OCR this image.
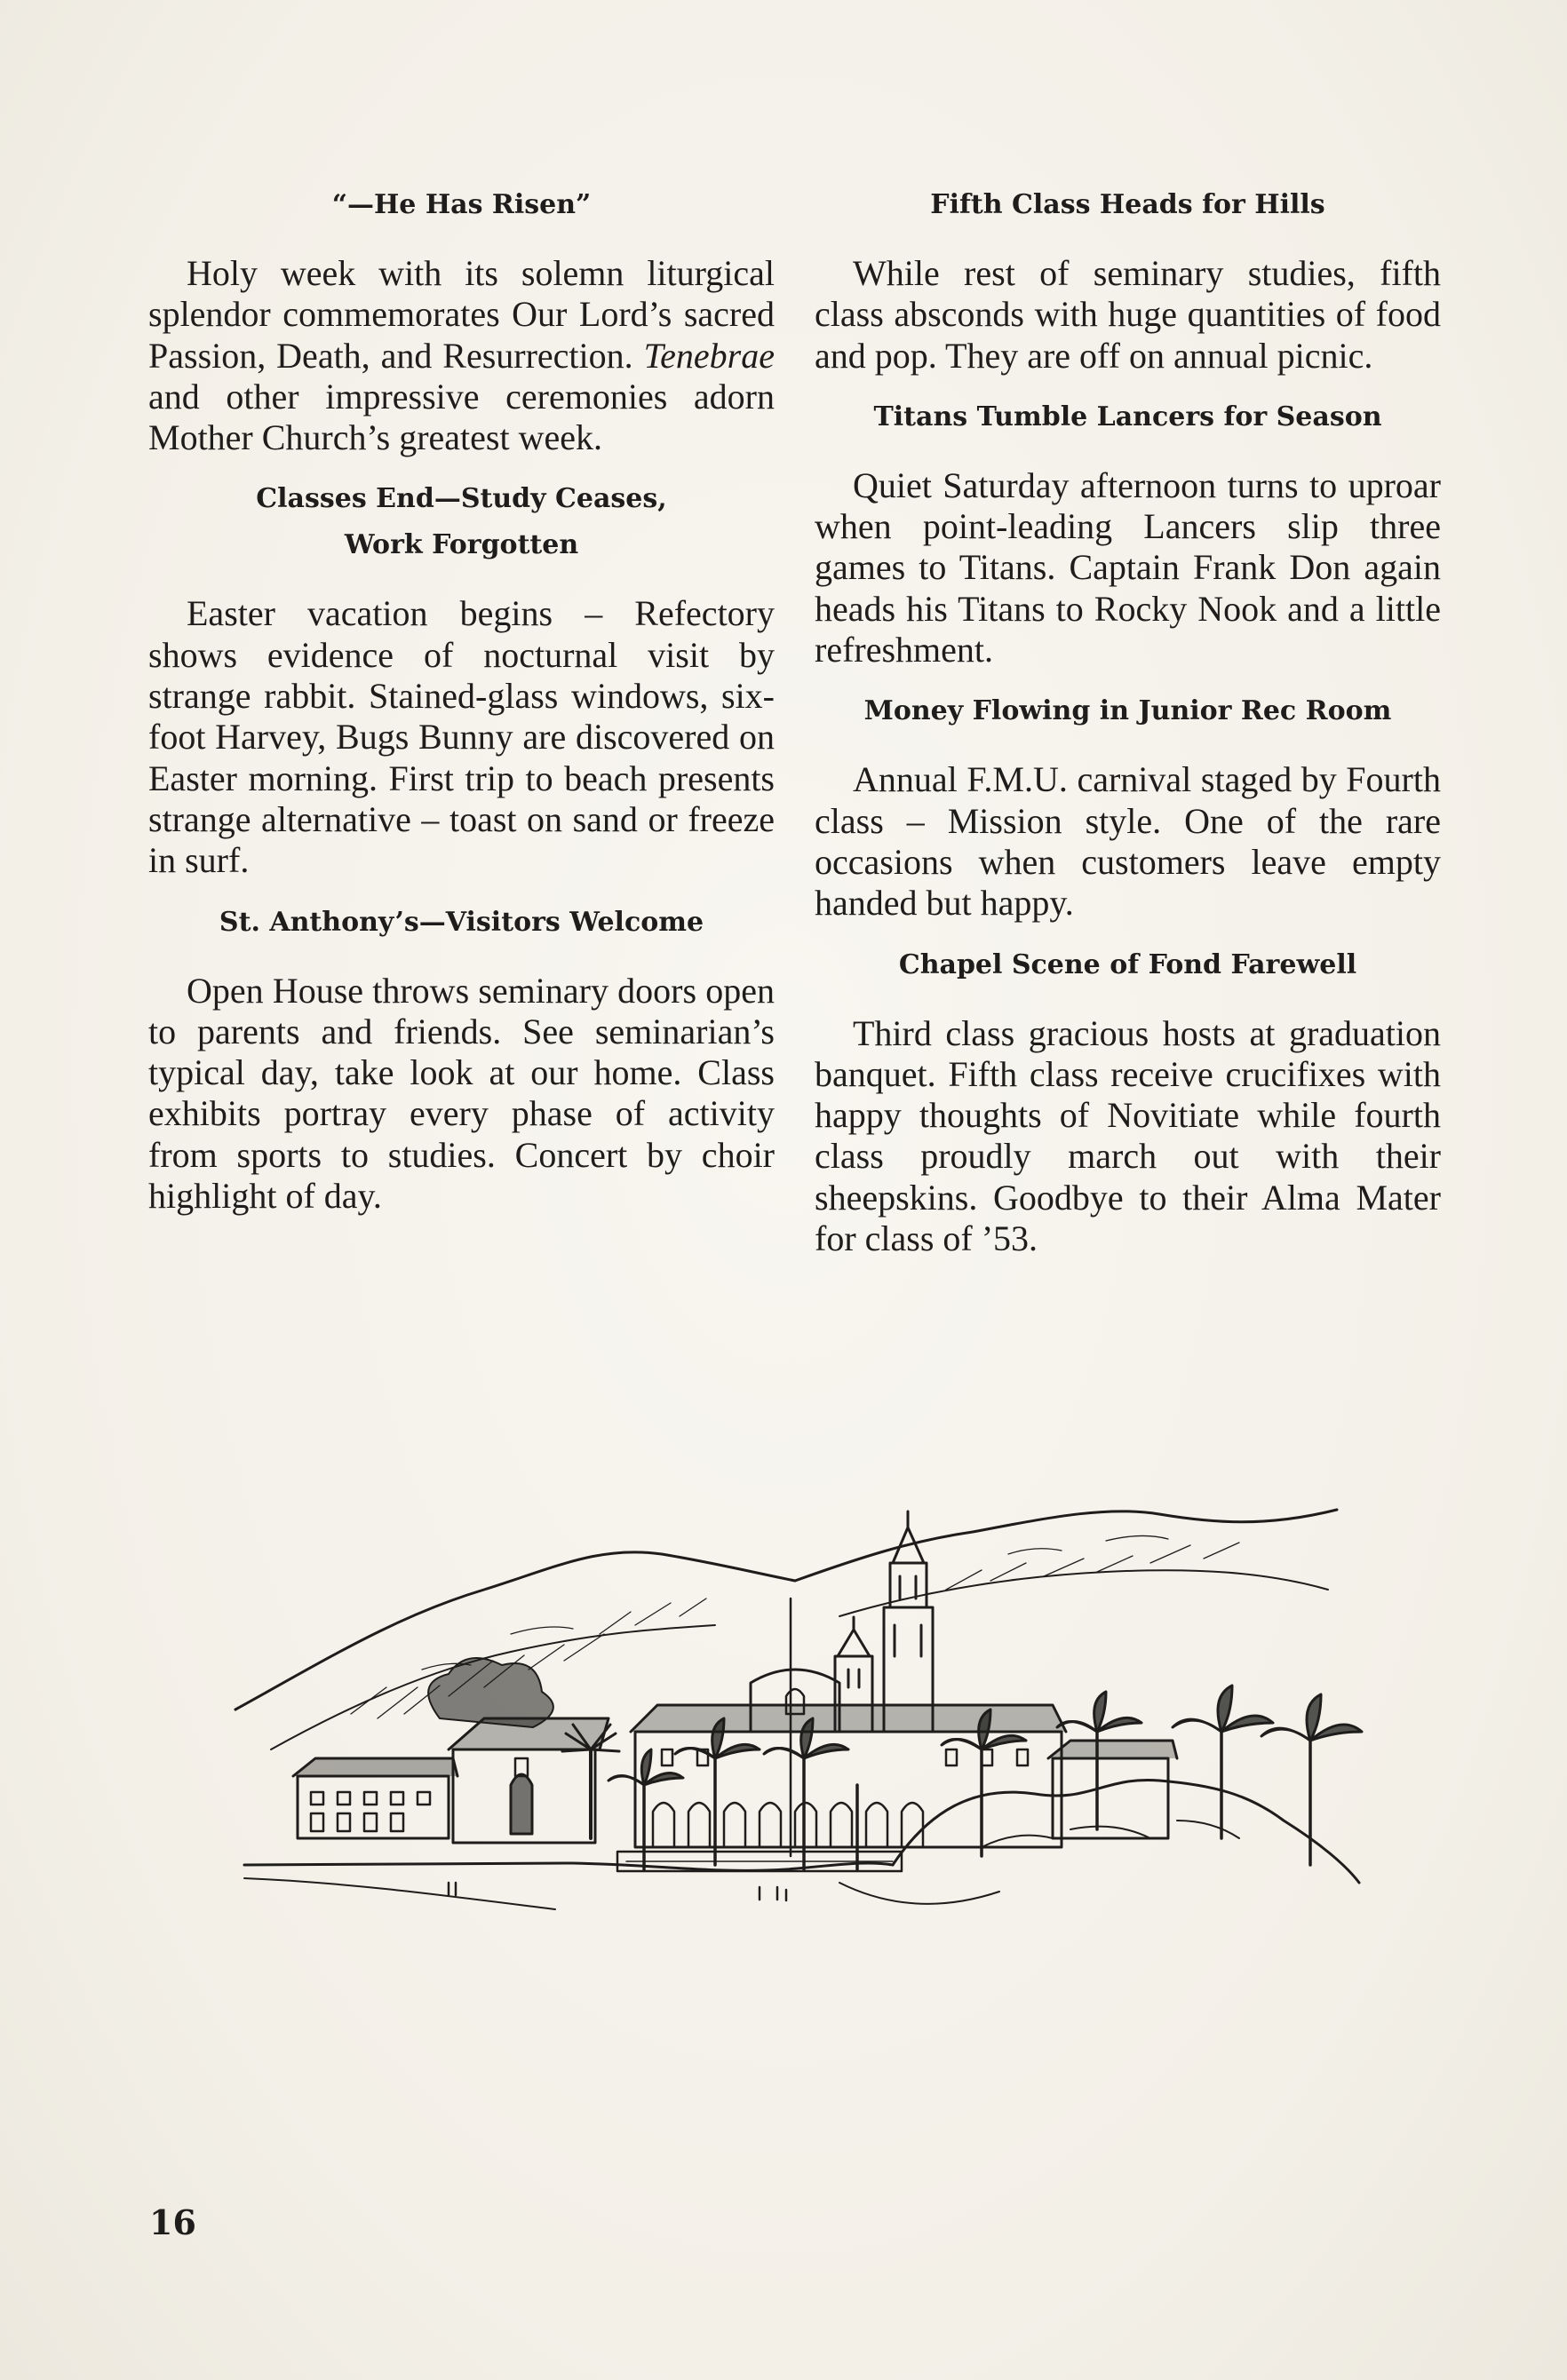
“—He Has Risen”

Holy week with its solemn liturgical splendor commemorates Our Lord’s sacred Passion, Death, and Resurrection. Tenebrae and other impressive ceremonies adorn Mother Church’s greatest week.

Classes End—Study Ceases,
Work Forgotten

Easter vacation begins – Refectory shows evidence of nocturnal visit by strange rabbit. Stained-glass windows, six-foot Harvey, Bugs Bunny are discovered on Easter morning. First trip to beach presents strange alternative – toast on sand or freeze in surf.

St. Anthony’s—Visitors Welcome

Open House throws seminary doors open to parents and friends. See seminarian’s typical day, take look at our home. Class exhibits portray every phase of activity from sports to studies. Concert by choir highlight of day.

Fifth Class Heads for Hills

While rest of seminary studies, fifth class absconds with huge quantities of food and pop. They are off on annual picnic.

Titans Tumble Lancers for Season

Quiet Saturday afternoon turns to uproar when point-leading Lancers slip three games to Titans. Captain Frank Don again heads his Titans to Rocky Nook and a little refreshment.

Money Flowing in Junior Rec Room

Annual F.M.U. carnival staged by Fourth class – Mission style. One of the rare occasions when customers leave empty handed but happy.

Chapel Scene of Fond Farewell

Third class gracious hosts at graduation banquet. Fifth class receive crucifixes with happy thoughts of Novitiate while fourth class proudly march out with their sheepskins. Goodbye to their Alma Mater for class of ’53.

16
